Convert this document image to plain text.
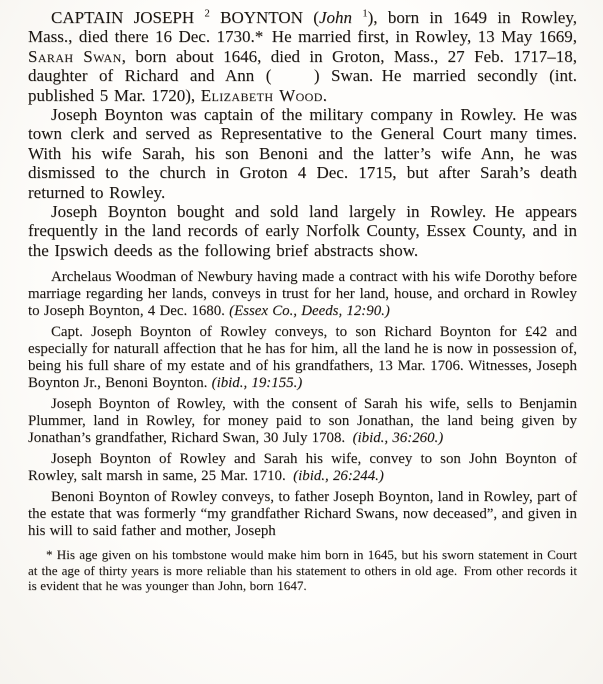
CAPTAIN JOSEPH $^2$ BOYNTON (John $^1$), born in 1649 in Rowley, Mass., died there 16 Dec. 1730.* He married first, in Rowley, 13 May 1669, Sarah Swan, born about 1646, died in Groton, Mass., 27 Feb. 1717–18, daughter of Richard and Ann (   ) Swan. He married secondly (int. published 5 Mar. 1720), Elizabeth Wood.

Joseph Boynton was captain of the military company in Rowley. He was town clerk and served as Representative to the General Court many times. With his wife Sarah, his son Benoni and the latter’s wife Ann, he was dismissed to the church in Groton 4 Dec. 1715, but after Sarah’s death returned to Rowley.

Joseph Boynton bought and sold land largely in Rowley. He appears frequently in the land records of early Norfolk County, Essex County, and in the Ipswich deeds as the following brief abstracts show.

Archelaus Woodman of Newbury having made a contract with his wife Dorothy before marriage regarding her lands, conveys in trust for her land, house, and orchard in Rowley to Joseph Boynton, 4 Dec. 1680. (Essex Co., Deeds, 12:90.)

Capt. Joseph Boynton of Rowley conveys, to son Richard Boynton for £42 and especially for naturall affection that he has for him, all the land he is now in possession of, being his full share of my estate and of his grandfathers, 13 Mar. 1706. Witnesses, Joseph Boynton Jr., Benoni Boynton. (ibid., 19:155.)

Joseph Boynton of Rowley, with the consent of Sarah his wife, sells to Benjamin Plummer, land in Rowley, for money paid to son Jonathan, the land being given by Jonathan’s grandfather, Richard Swan, 30 July 1708. (ibid., 36:260.)

Joseph Boynton of Rowley and Sarah his wife, convey to son John Boynton of Rowley, salt marsh in same, 25 Mar. 1710. (ibid., 26:244.)

Benoni Boynton of Rowley conveys, to father Joseph Boynton, land in Rowley, part of the estate that was formerly “my grandfather Richard Swans, now deceased”, and given in his will to said father and mother, Joseph

* His age given on his tombstone would make him born in 1645, but his sworn statement in Court at the age of thirty years is more reliable than his statement to others in old age. From other records it is evident that he was younger than John, born 1647.
